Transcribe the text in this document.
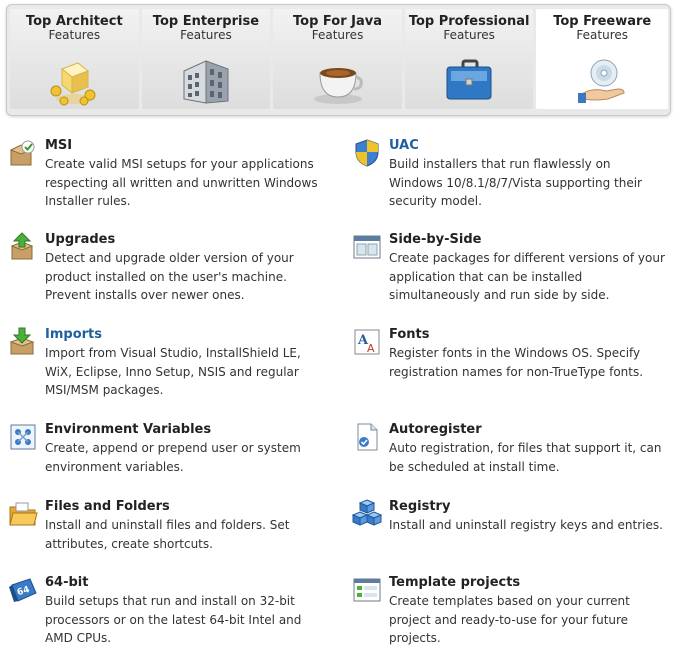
Top Architect
Features
Top Enterprise
Features
Top For Java
Features
Top Professional
Features
Top Freeware
Features
MSI
Create valid MSI setups for your applications
respecting all written and unwritten Windows
Installer rules.
UAC
Build installers that run flawlessly on
Windows 10/8.1/8/7/Vista supporting their
security model.
Upgrades
Detect and upgrade older version of your
product installed on the user's machine.
Prevent installs over newer ones.
Side-by-Side
Create packages for different versions of your
application that can be installed
simultaneously and run side by side.
Imports
Import from Visual Studio, InstallShield LE,
WiX, Eclipse, Inno Setup, NSIS and regular
MSI/MSM packages.
A
A
Fonts
Register fonts in the Windows OS. Specify
registration names for non-TrueType fonts.
Environment Variables
Create, append or prepend user or system
environment variables.
Autoregister
Auto registration, for files that support it, can
be scheduled at install time.
Files and Folders
Install and uninstall files and folders. Set
attributes, create shortcuts.
Registry
Install and uninstall registry keys and entries.
64
64-bit
Build setups that run and install on 32-bit
processors or on the latest 64-bit Intel and
AMD CPUs.
Template projects
Create templates based on your current
project and ready-to-use for your future
projects.
